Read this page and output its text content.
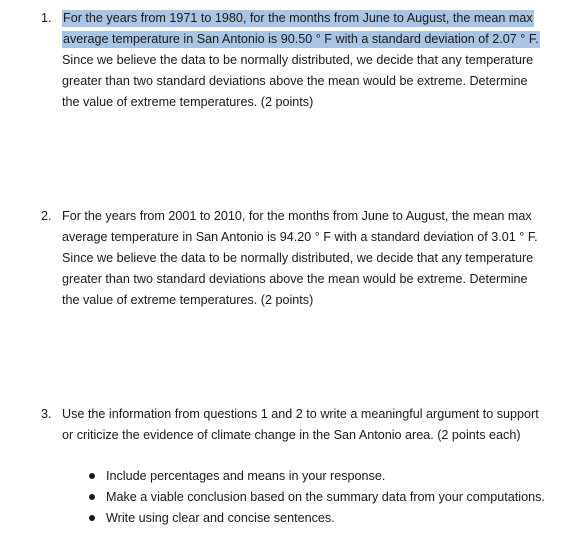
1. For the years from 1971 to 1980, for the months from June to August, the mean max
average temperature in San Antonio is 90.50 ° F with a standard deviation of 2.07 ° F.
Since we believe the data to be normally distributed, we decide that any temperature
greater than two standard deviations above the mean would be extreme. Determine
the value of extreme temperatures. (2 points)
2. For the years from 2001 to 2010, for the months from June to August, the mean max
average temperature in San Antonio is 94.20 ° F with a standard deviation of 3.01 ° F.
Since we believe the data to be normally distributed, we decide that any temperature
greater than two standard deviations above the mean would be extreme. Determine
the value of extreme temperatures. (2 points)
3. Use the information from questions 1 and 2 to write a meaningful argument to support
or criticize the evidence of climate change in the San Antonio area. (2 points each)
Include percentages and means in your response.
Make a viable conclusion based on the summary data from your computations.
Write using clear and concise sentences.
